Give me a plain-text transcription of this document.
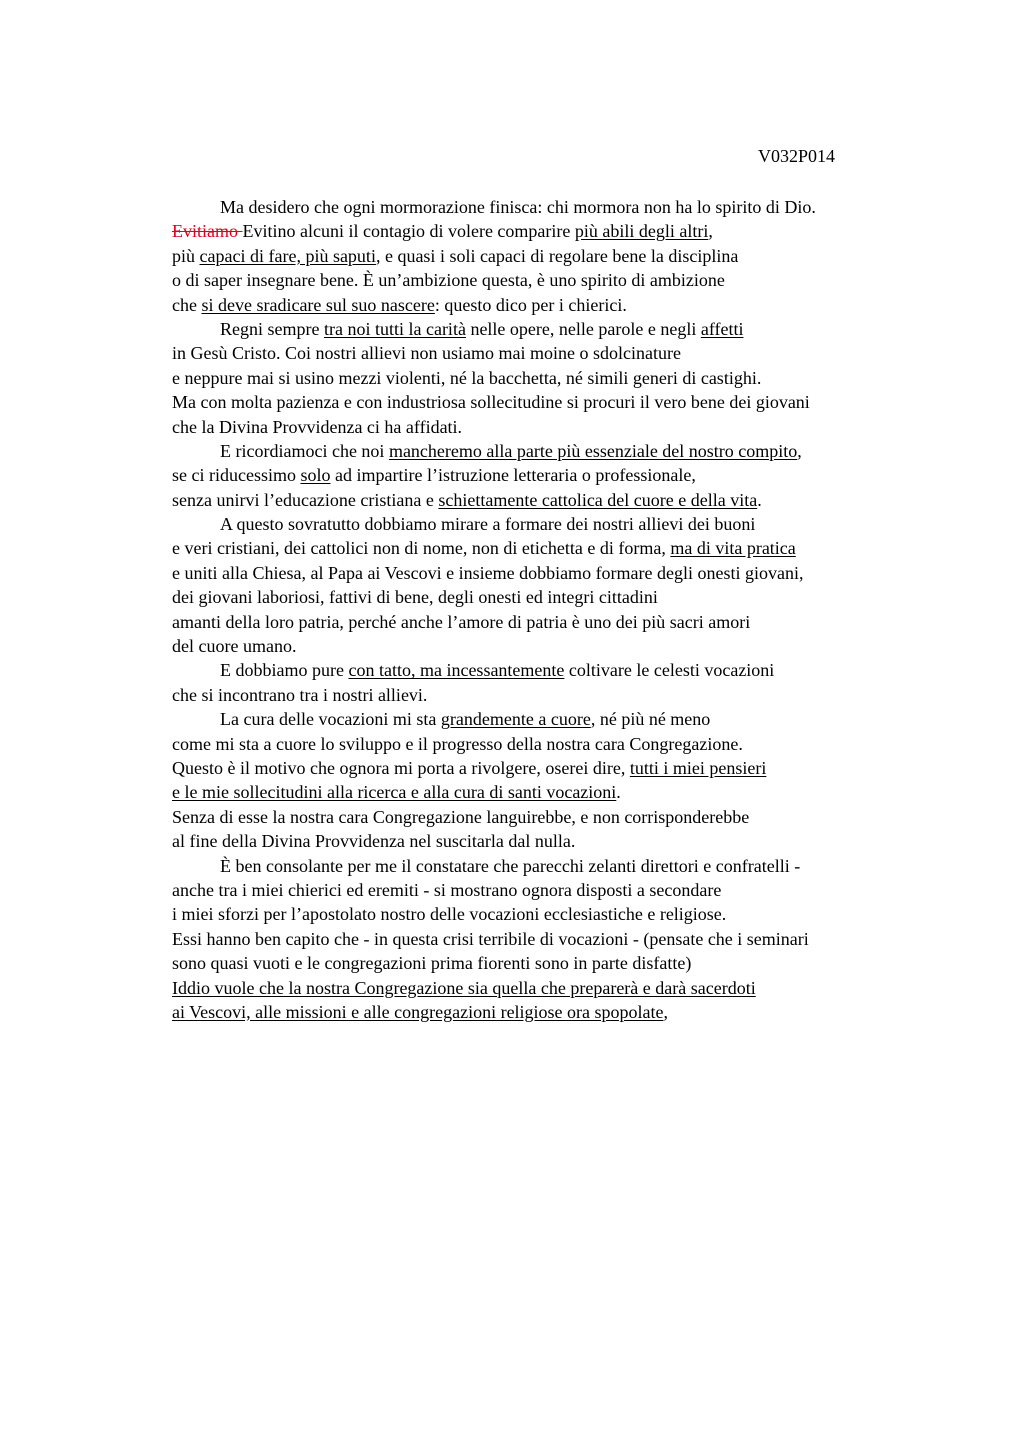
V032P014
Ma desidero che ogni mormorazione finisca: chi mormora non ha lo spirito di Dio.
Evitiamo Evitino alcuni il contagio di volere comparire più abili degli altri,
più capaci di fare, più saputi, e quasi i soli capaci di regolare bene la disciplina
o di saper insegnare bene. È un’ambizione questa, è uno spirito di ambizione
che si deve sradicare sul suo nascere: questo dico per i chierici.
Regni sempre tra noi tutti la carità nelle opere, nelle parole e negli affetti
in Gesù Cristo. Coi nostri allievi non usiamo mai moine o sdolcinature
e neppure mai si usino mezzi violenti, né la bacchetta, né simili generi di castighi.
Ma con molta pazienza e con industriosa sollecitudine si procuri il vero bene dei giovani
che la Divina Provvidenza ci ha affidati.
E ricordiamoci che noi mancheremo alla parte più essenziale del nostro compito,
se ci riducessimo solo ad impartire l’istruzione letteraria o professionale,
senza unirvi l’educazione cristiana e schiettamente cattolica del cuore e della vita.
A questo sovratutto dobbiamo mirare a formare dei nostri allievi dei buoni
e veri cristiani, dei cattolici non di nome, non di etichetta e di forma, ma di vita pratica
e uniti alla Chiesa, al Papa ai Vescovi e insieme dobbiamo formare degli onesti giovani,
dei giovani laboriosi, fattivi di bene, degli onesti ed integri cittadini
amanti della loro patria, perché anche l’amore di patria è uno dei più sacri amori
del cuore umano.
E dobbiamo pure con tatto, ma incessantemente coltivare le celesti vocazioni
che si incontrano tra i nostri allievi.
La cura delle vocazioni mi sta grandemente a cuore, né più né meno
come mi sta a cuore lo sviluppo e il progresso della nostra cara Congregazione.
Questo è il motivo che ognora mi porta a rivolgere, oserei dire, tutti i miei pensieri
e le mie sollecitudini alla ricerca e alla cura di santi vocazioni.
Senza di esse la nostra cara Congregazione languirebbe, e non corrisponderebbe
al fine della Divina Provvidenza nel suscitarla dal nulla.
È ben consolante per me il constatare che parecchi zelanti direttori e confratelli -
anche tra i miei chierici ed eremiti - si mostrano ognora disposti a secondare
i miei sforzi per l’apostolato nostro delle vocazioni ecclesiastiche e religiose.
Essi hanno ben capito che - in questa crisi terribile di vocazioni - (pensate che i seminari
sono quasi vuoti e le congregazioni prima fiorenti sono in parte disfatte)
Iddio vuole che la nostra Congregazione sia quella che preparerà e darà sacerdoti
ai Vescovi, alle missioni e alle congregazioni religiose ora spopolate,
